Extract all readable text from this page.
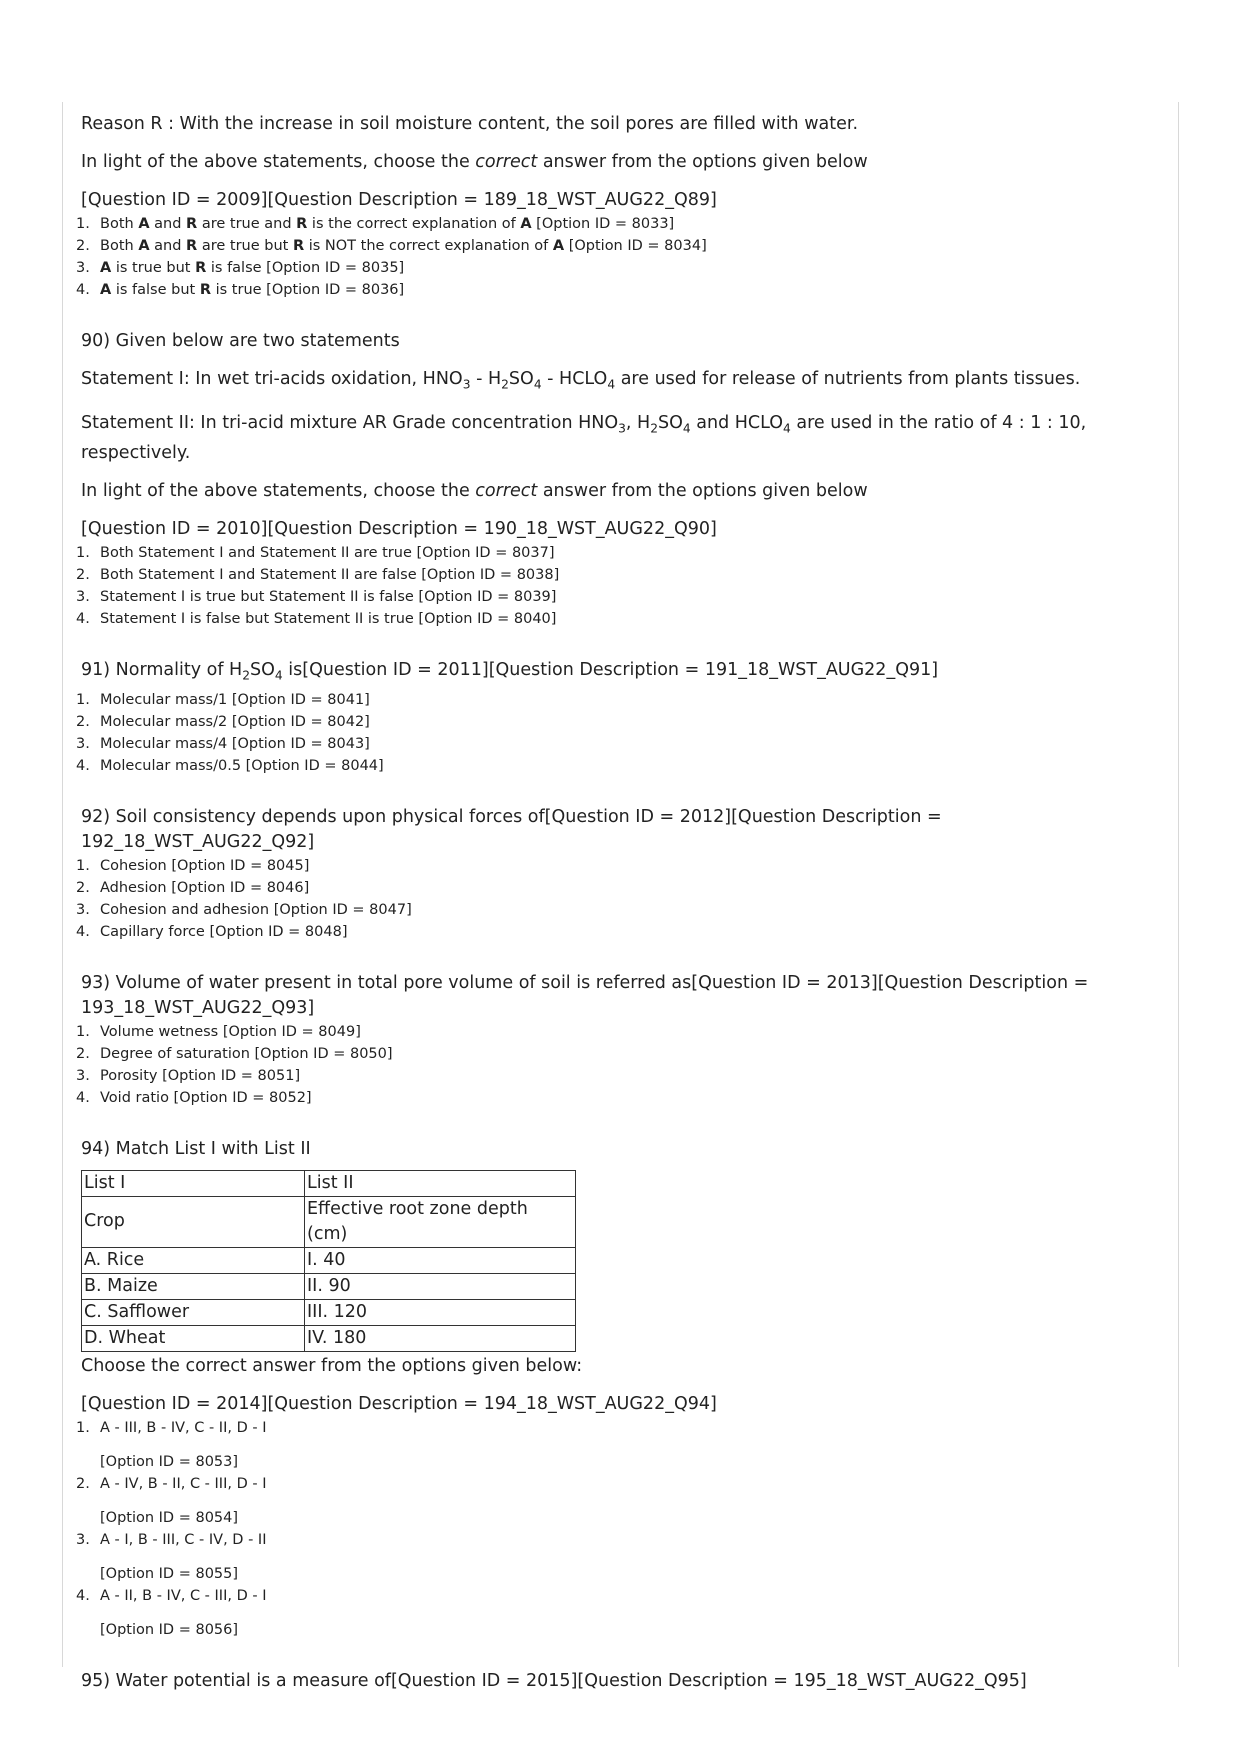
Reason R : With the increase in soil moisture content, the soil pores are filled with water.
In light of the above statements, choose the correct answer from the options given below
[Question ID = 2009][Question Description = 189_18_WST_AUG22_Q89]
1. Both A and R are true and R is the correct explanation of A [Option ID = 8033]
2. Both A and R are true but R is NOT the correct explanation of A [Option ID = 8034]
3. A is true but R is false [Option ID = 8035]
4. A is false but R is true [Option ID = 8036]
90) Given below are two statements
Statement I: In wet tri-acids oxidation, $HNO_3 - H_2SO_4$ - $HCLO_4$ are used for release of nutrients from plants tissues.
Statement II: In tri-acid mixture AR Grade concentration $HNO_3$, $H_2SO_4$ and $HCLO_4$ are used in the ratio of 4 : 1 : 10, respectively.
In light of the above statements, choose the correct answer from the options given below
[Question ID = 2010][Question Description = 190_18_WST_AUG22_Q90]
1. Both Statement I and Statement II are true [Option ID = 8037]
2. Both Statement I and Statement II are false [Option ID = 8038]
3. Statement I is true but Statement II is false [Option ID = 8039]
4. Statement I is false but Statement II is true [Option ID = 8040]
91) Normality of $H_2SO_4$ is[Question ID = 2011][Question Description = 191_18_WST_AUG22_Q91]
1. Molecular mass/1 [Option ID = 8041]
2. Molecular mass/2 [Option ID = 8042]
3. Molecular mass/4 [Option ID = 8043]
4. Molecular mass/0.5 [Option ID = 8044]
92) Soil consistency depends upon physical forces of[Question ID = 2012][Question Description = 192_18_WST_AUG22_Q92]
1. Cohesion [Option ID = 8045]
2. Adhesion [Option ID = 8046]
3. Cohesion and adhesion [Option ID = 8047]
4. Capillary force [Option ID = 8048]
93) Volume of water present in total pore volume of soil is referred as[Question ID = 2013][Question Description = 193_18_WST_AUG22_Q93]
1. Volume wetness [Option ID = 8049]
2. Degree of saturation [Option ID = 8050]
3. Porosity [Option ID = 8051]
4. Void ratio [Option ID = 8052]
94) Match List I with List II
List I	List II
Crop	Effective root zone depth (cm)
A. Rice	I. 40
B. Maize	II. 90
C. Safflower	III. 120
D. Wheat	IV. 180
Choose the correct answer from the options given below:
[Question ID = 2014][Question Description = 194_18_WST_AUG22_Q94]
1. A - III, B - IV, C - II, D - I
[Option ID = 8053]
2. A - IV, B - II, C - III, D - I
[Option ID = 8054]
3. A - I, B - III, C - IV, D - II
[Option ID = 8055]
4. A - II, B - IV, C - III, D - I
[Option ID = 8056]
95) Water potential is a measure of[Question ID = 2015][Question Description = 195_18_WST_AUG22_Q95]
